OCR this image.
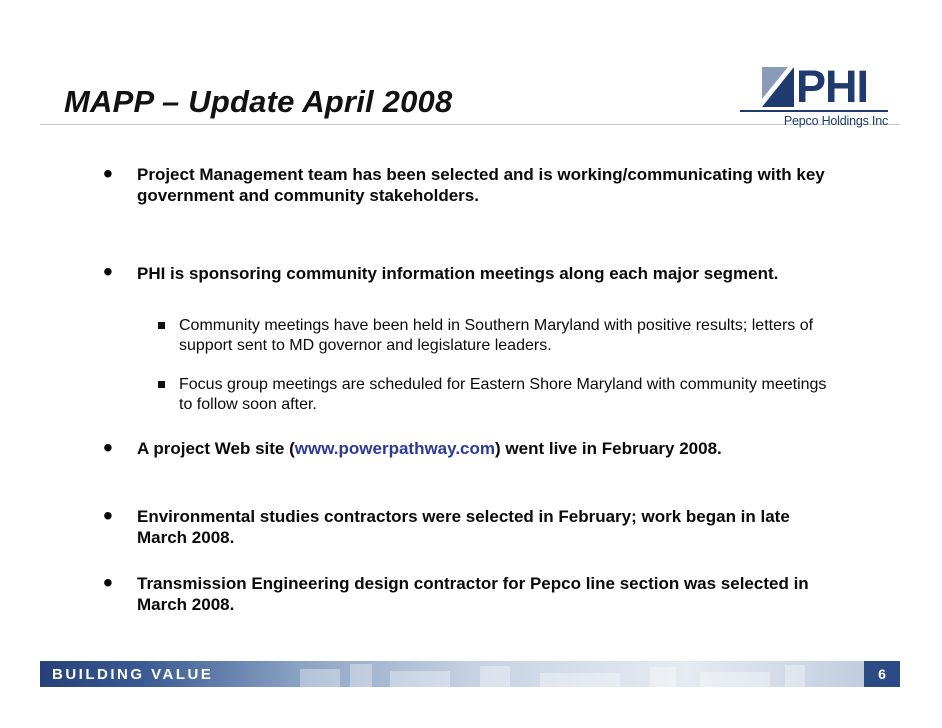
MAPP – Update April 2008	PHI
Pepco Holdings Inc
• Project Management team has been selected and is working/communicating with key government and community stakeholders.
• PHI is sponsoring community information meetings along each major segment.
Community meetings have been held in Southern Maryland with positive results; letters of support sent to MD governor and legislature leaders.
Focus group meetings are scheduled for Eastern Shore Maryland with community meetings to follow soon after.
• A project Web site (www.powerpathway.com) went live in February 2008.
• Environmental studies contractors were selected in February; work began in late March 2008.
• Transmission Engineering design contractor for Pepco line section was selected in March 2008.
BUILDING VALUE	6
